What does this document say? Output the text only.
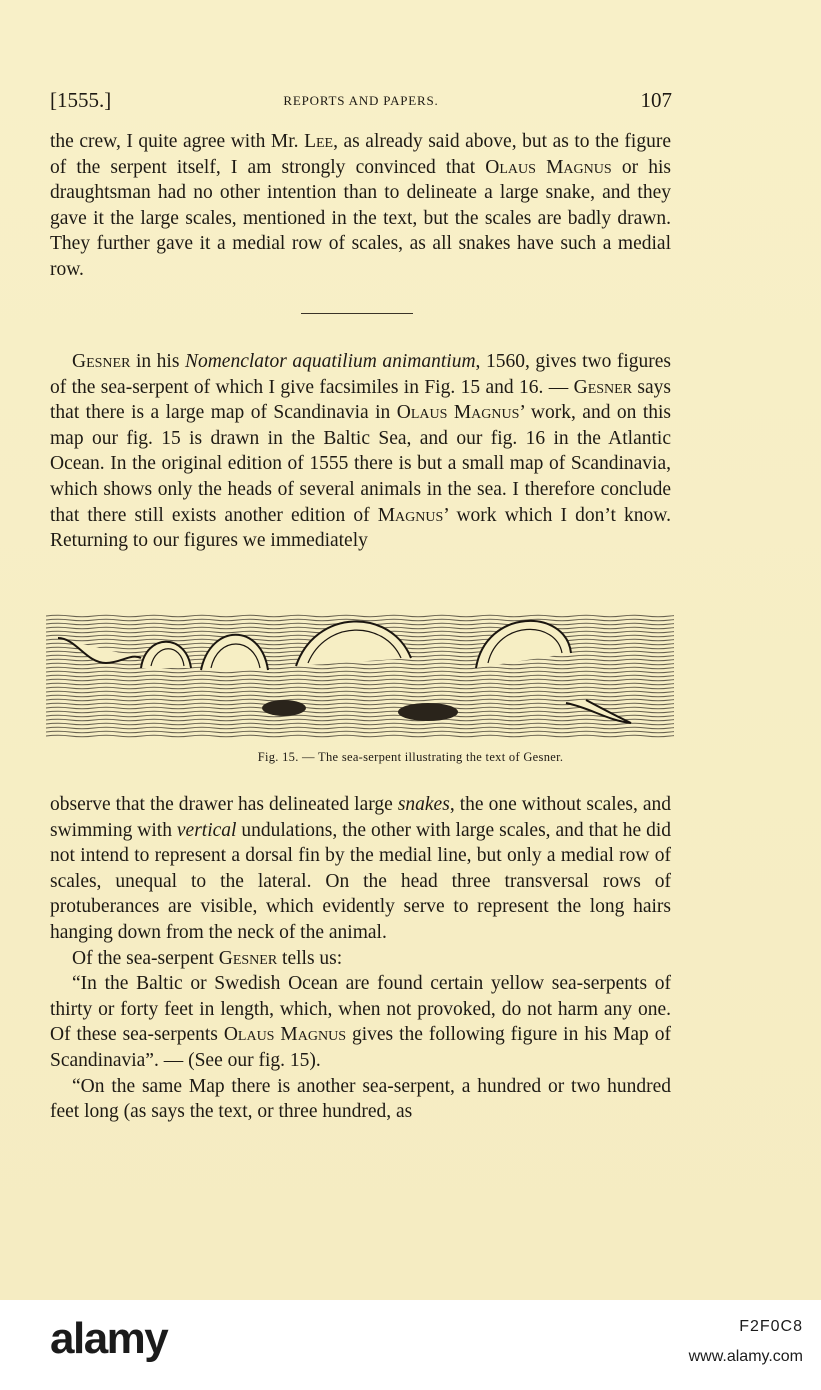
[1555.]	REPORTS AND PAPERS.	107

the crew, I quite agree with Mr. Lee, as already said above, but as to the figure of the serpent itself, I am strongly convinced that Olaus Magnus or his draughtsman had no other intention than to delineate a large snake, and they gave it the large scales, mentioned in the text, but the scales are badly drawn. They further gave it a medial row of scales, as all snakes have such a medial row.

Gesner in his Nomenclator aquatilium animantium, 1560, gives two figures of the sea-serpent of which I give facsimiles in Fig. 15 and 16. — Gesner says that there is a large map of Scandinavia in Olaus Magnus’ work, and on this map our fig. 15 is drawn in the Baltic Sea, and our fig. 16 in the Atlantic Ocean. In the original edition of 1555 there is but a small map of Scandinavia, which shows only the heads of several animals in the sea. I therefore conclude that there still exists another edition of Magnus’ work which I don’t know. Returning to our figures we immediately

Fig. 15. — The sea-serpent illustrating the text of Gesner.

observe that the drawer has delineated large snakes, the one without scales, and swimming with vertical undulations, the other with large scales, and that he did not intend to represent a dorsal fin by the medial line, but only a medial row of scales, unequal to the lateral. On the head three transversal rows of protuberances are visible, which evidently serve to represent the long hairs hanging down from the neck of the animal.

Of the sea-serpent Gesner tells us:

“In the Baltic or Swedish Ocean are found certain yellow sea-serpents of thirty or forty feet in length, which, when not provoked, do not harm any one. Of these sea-serpents Olaus Magnus gives the following figure in his Map of Scandinavia”. — (See our fig. 15).

“On the same Map there is another sea-serpent, a hundred or two hundred feet long (as says the text, or three hundred, as

alamy	F2F0C8
www.alamy.com
